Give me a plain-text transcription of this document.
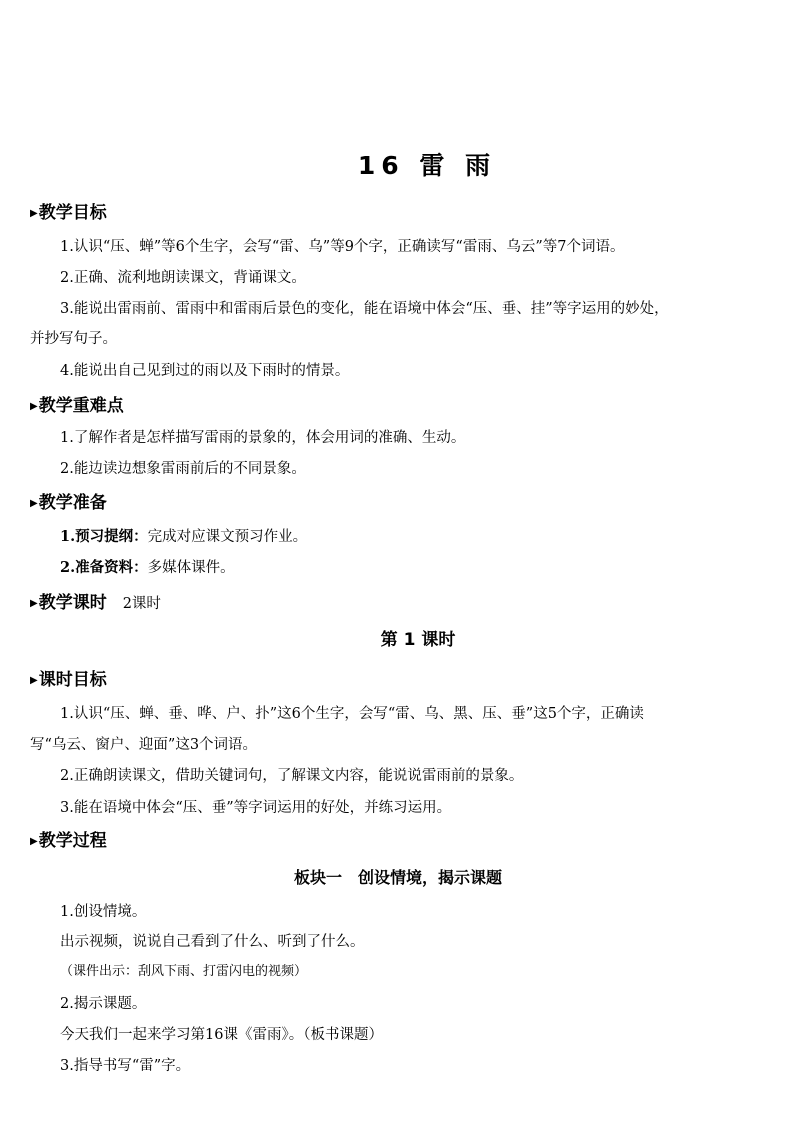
16 雷 雨
▶教学目标
1.认识“压、蝉”等6个生字，会写“雷、乌”等9个字，正确读写“雷雨、乌云”等7个词语。
2.正确、流利地朗读课文，背诵课文。
3.能说出雷雨前、雷雨中和雷雨后景色的变化，能在语境中体会“压、垂、挂”等字运用的妙处，
并抄写句子。
4.能说出自己见到过的雨以及下雨时的情景。
▶教学重难点
1.了解作者是怎样描写雷雨的景象的，体会用词的准确、生动。
2.能边读边想象雷雨前后的不同景象。
▶教学准备
1.预习提纲：完成对应课文预习作业。
2.准备资料：多媒体课件。
▶教学课时 2课时
第 1 课时
▶课时目标
1.认识“压、蝉、垂、哗、户、扑”这6个生字，会写“雷、乌、黑、压、垂”这5个字，正确读
写“乌云、窗户、迎面”这3个词语。
2.正确朗读课文，借助关键词句，了解课文内容，能说说雷雨前的景象。
3.能在语境中体会“压、垂”等字词运用的好处，并练习运用。
▶教学过程
板块一　创设情境，揭示课题
1.创设情境。
出示视频，说说自己看到了什么、听到了什么。
（课件出示：刮风下雨、打雷闪电的视频）
2.揭示课题。
今天我们一起来学习第16课《雷雨》。（板书课题）
3.指导书写“雷”字。
